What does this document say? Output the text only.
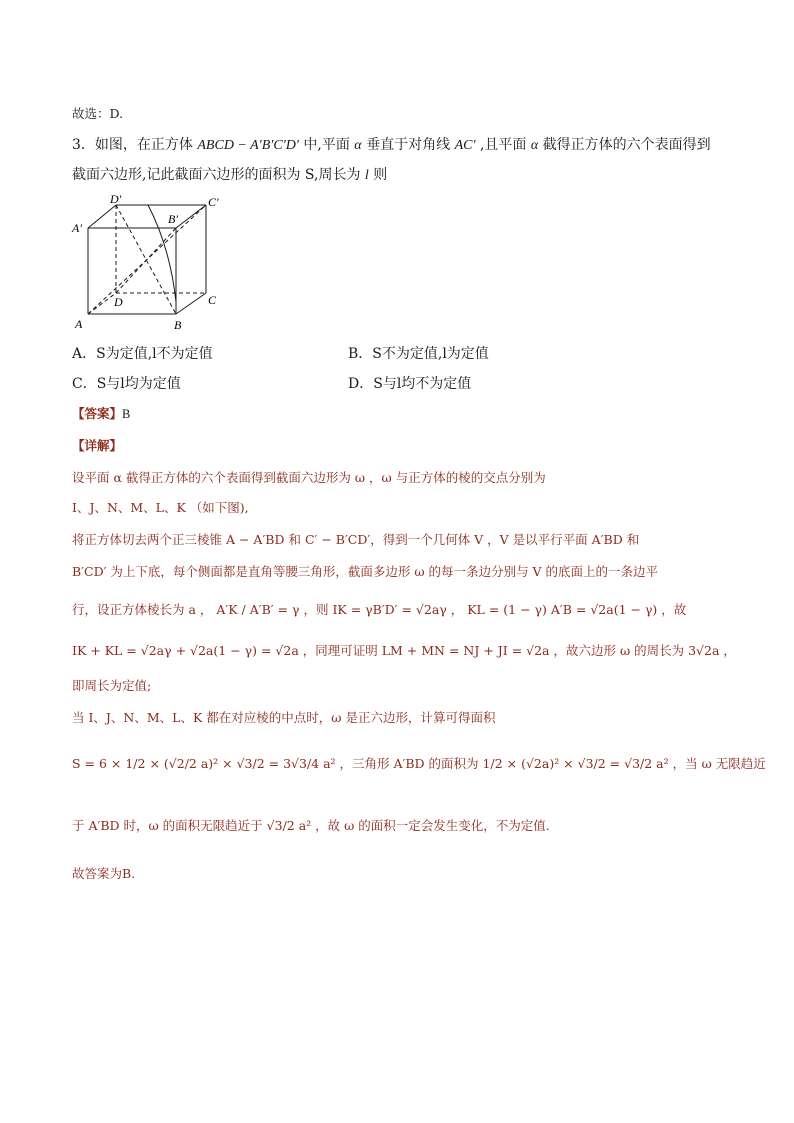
故选：D.
3．如图，在正方体 ABCD − A′B′C′D′ 中,平面 α 垂直于对角线 AC′ ,且平面 α 截得正方体的六个表面得到
截面六边形,记此截面六边形的面积为 S,周长为 l 则
D′
B′
C′
A′
D	C
A	B
A．S为定值,l不为定值	B．S不为定值,l为定值
C．S与l均为定值	D．S与l均不为定值
【答案】B
【详解】
设平面 α 截得正方体的六个表面得到截面六边形为 ω ，ω 与正方体的棱的交点分别为
I、J、N、M、L、K （如下图),
将正方体切去两个正三棱锥 A − A′BD 和 C′ − B′CD′，得到一个几何体 V ，V 是以平行平面 A′BD 和
B′CD′ 为上下底，每个侧面都是直角等腰三角形，截面多边形 ω 的每一条边分别与 V 的底面上的一条边平
行，设正方体棱长为 a ， A′K / A′B′ = γ ，则 IK = γB′D′ = √2aγ ， KL = (1 − γ) A′B = √2a(1 − γ) ，故
IK + KL = √2aγ + √2a(1 − γ) = √2a ，同理可证明 LM + MN = NJ + JI = √2a ，故六边形 ω 的周长为 3√2a ，
即周长为定值;
当 I、J、N、M、L、K 都在对应棱的中点时，ω 是正六边形，计算可得面积
S = 6 × 1/2 × (√2/2 a)² × √3/2 = 3√3/4 a² ，三角形 A′BD 的面积为 1/2 × (√2a)² × √3/2 = √3/2 a² ，当 ω 无限趋近
于 A′BD 时，ω 的面积无限趋近于 √3/2 a² ，故 ω 的面积一定会发生变化，不为定值.
故答案为B.
